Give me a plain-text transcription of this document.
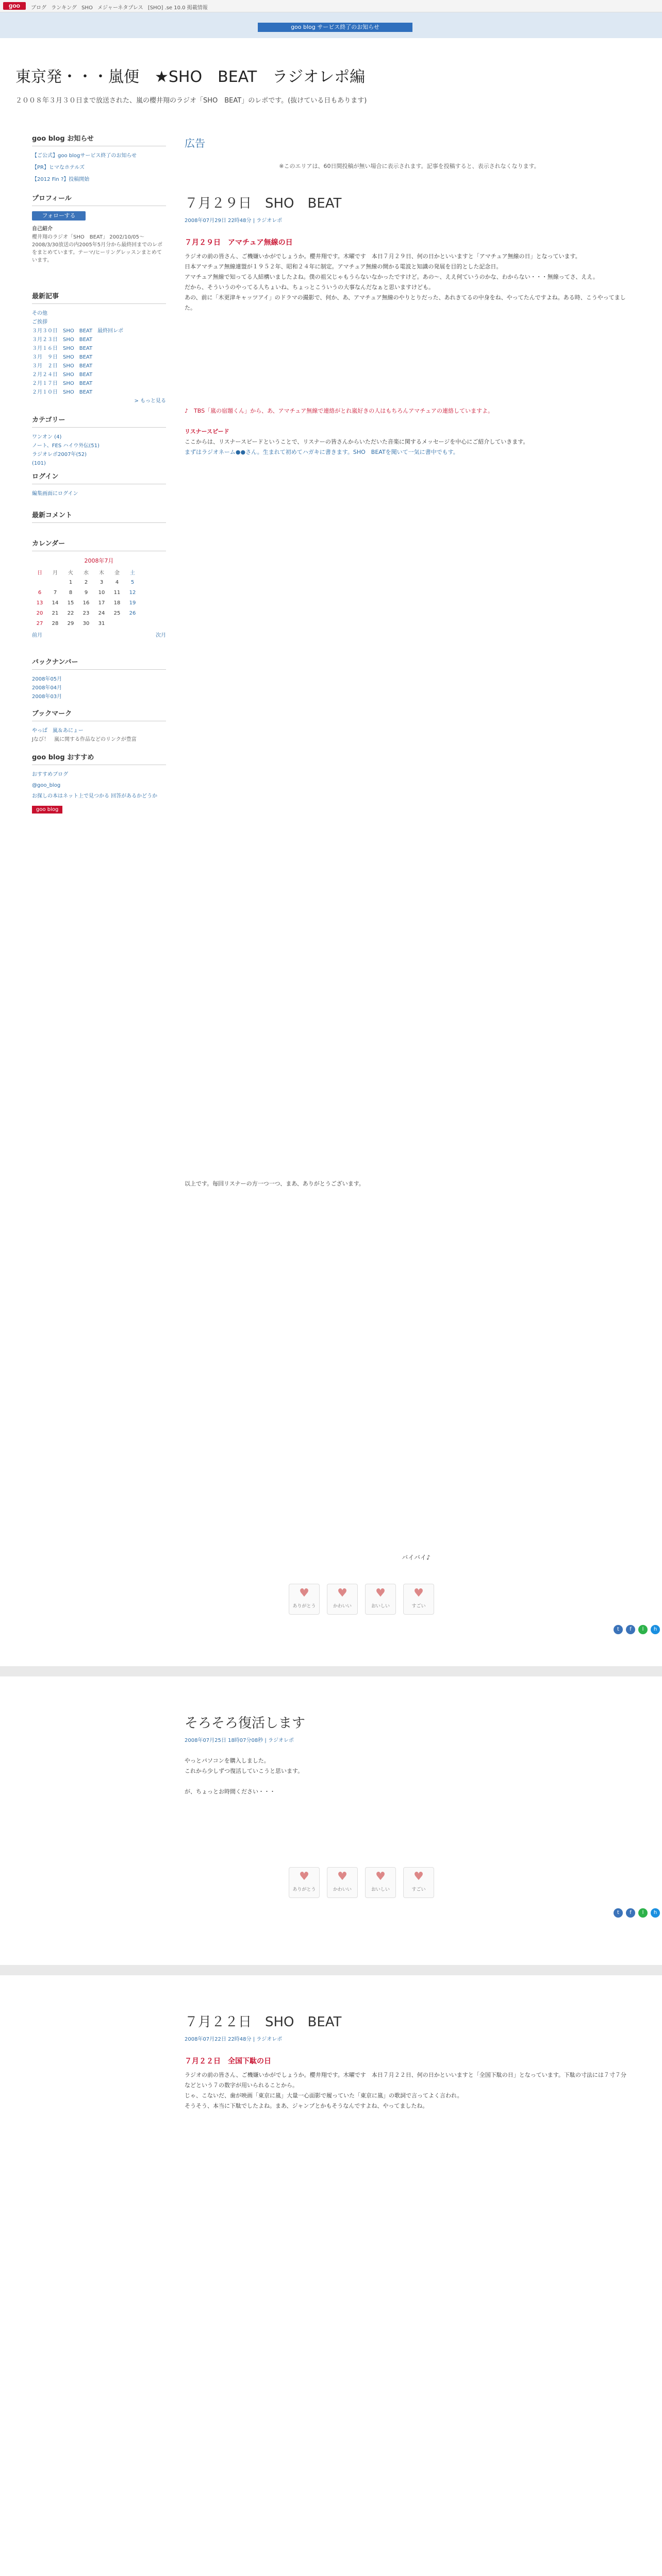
goo	ブログ ランキング SHO メジャーネタプレス [SHO] .se 10.0 掲載情報
goo blog サービス終了のお知らせ
東京発・・・嵐便　★SHO　BEAT　ラジオレポ編
２００８年３月３０日まで放送された、嵐の櫻井翔のラジオ「SHO　BEAT」のレポです。(抜けている日もあります)
goo blog お知らせ
【ご公式】goo blogサービス終了のお知らせ
【PR】ヒマなホテルズ
【2012 Fin ?】投稿開始
プロフィール
フォローする
自己紹介
櫻井翔のラジオ「SHO　BEAT」 2002/10/05〜2008/3/30放送の内2005年5月分から最終回までのレポをまとめています。テーマ/ヒーリングレッスンまとめています。
最新記事
その他
ご挨拶
３月３０日　SHO　BEAT　最終回レポ
３月２３日　SHO　BEAT
３月１６日　SHO　BEAT
３月　９日　SHO　BEAT
３月　２日　SHO　BEAT
２月２４日　SHO　BEAT
２月１７日　SHO　BEAT
２月１０日　SHO　BEAT
> もっと見る
カテゴリー
ワンオン (4)
ノート、FES ハイウ外伝(51)
ラジオレポ2007年(52)
(101)
ログイン
編集画面にログイン
最新コメント
カレンダー
2008年7月
日	月	火	水	木	金	土
		1	2	3	4	5
6	7	8	9	10	11	12
13	14	15	16	17	18	19
20	21	22	23	24	25	26
27	28	29	30	31		
前月	次月
バックナンバー
2008年05月
2008年04月
2008年03月
ブックマーク
やっぱ　嵐＆あにょー
Jなび！　嵐に関する作品などのリンクが豊富
goo blog おすすめ
おすすめブログ
@goo_blog
お探しの本はネット上で見つかる 回答があるかどうか
goo blog
広告
※このエリアは、60日間投稿が無い場合に表示されます。記事を投稿すると、表示されなくなります。
７月２９日　SHO　BEAT
2008年07月29日 22時48分 | ラジオレポ
７月２９日　アマチュア無線の日
ラジオの前の皆さん、ご機嫌いかがでしょうか。櫻井翔です。木曜です　本日７月２９日、何の日かといいますと「アマチュア無線の日」となっています。
日本アマチュア無線連盟が１９５２年、昭和２４年に制定。アマチュア無線の開かる電波と知識の発展を目的とした記念日。
アマチュア無線で知ってる人結構いましたよね。僕の祖父じゃもうらないなかったですけど。あの〜、ええ何ていうのかな、わからない・・・無線ってさ、ええ。
だから、そういうのやってる人ちょいね、ちょっとこういうの大事なんだなぁと思いますけども。
あの、前に「木更津キャッツアイ」のドラマの撮影で、何か、あ、アマチュア無線のやりとりだった、あれきてるの中身をね、やってたんですよね。ある時、こうやってました。
♪　TBS「嵐の宿題くん」から、あ、アマチュア無線で連絡がとれ嵐好きの人はもちろんアマチュアの連絡していますよ。
リスナースピード
ここからは、リスナースピードということで、リスナーの皆さんからいただいた音楽に関するメッセージを中心にご紹介していきます。
まずはラジオネーム●●さん。生まれて初めてハガキに書きます。SHO　BEATを聞いて一気に書中でもす。
以上です。毎回リスナーの方一つ一つ、まあ、ありがとうございます。
バイバイ♪
♥
ありがとう
♥
かわいい
♥
おいしい
♥
すごい
t	f	l	h
そろそろ復活します
2008年07月25日 18時07分08秒 | ラジオレポ
やっとパソコンを購入しました。
これから少しずつ復活していこうと思います。
が、ちょっとお時間ください・・・
♥
ありがとう
♥
かわいい
♥
おいしい
♥
すごい
t	f	l	h
７月２２日　SHO　BEAT
2008年07月22日 22時48分 | ラジオレポ
７月２２日　全国下駄の日
ラジオの前の皆さん、ご機嫌いかがでしょうか。櫻井翔です。木曜です　本日７月２２日、何の日かといいますと「全国下駄の日」となっています。下駄の寸法には７寸７分などという７の数字が用いられることから。
じゃ、こないだ、歯が映画「東京に嵐」大量一心面影で履っていた「東京に嵐」の歌詞で言ってよく言われ。
そうそう、本当に下駄でしたよね。まあ、ジャンプとかもそうなんですよね、やってましたね。
